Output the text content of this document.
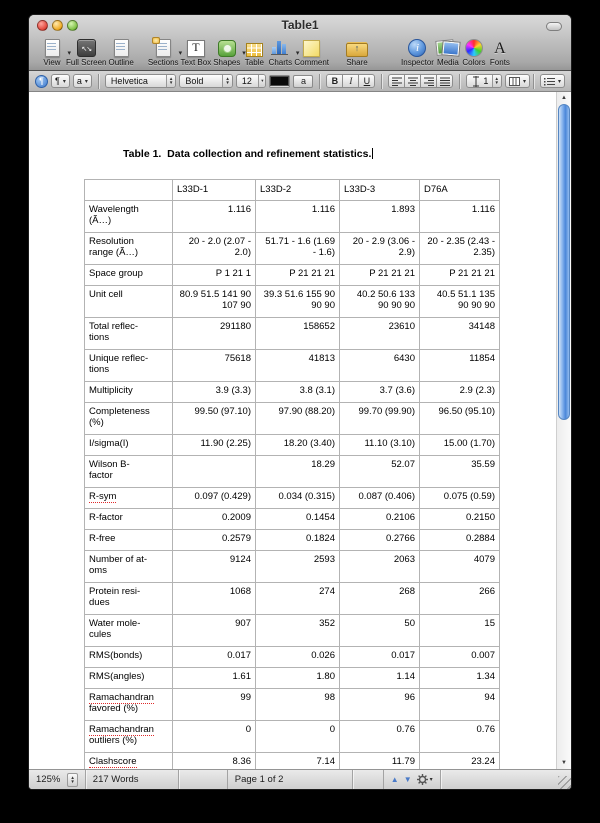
Table1
▾
View
↖↘
Full Screen Outline
▾
Sections
T
Text Box
▾
Shapes Table
▾
Charts Comment
↑
Share
i
Inspector Media Colors
A
Fonts
¶	¶ ▾ a ▾	Helvetica	▲
▼ Bold	▲
▼ 12 ▾	a	B	I	U	1 ▲
▼	▾	▾

Table 1.  Data collection and refinement statistics.

	L33D-1	L33D-2	L33D-3	D76A
Wavelength
(Ã…)	1.116	1.116	1.893	1.116
Resolution
range (Ã…)	20 - 2.0 (2.07 - 2.0)	51.71 - 1.6 (1.69 - 1.6)	20 - 2.9 (3.06 - 2.9)	20 - 2.35 (2.43 - 2.35)
Space group	P 1 21 1	P 21 21 21	P 21 21 21	P 21 21 21
Unit cell	80.9 51.5 141 90 107 90	39.3 51.6 155 90 90 90	40.2 50.6 133 90 90 90	40.5 51.1 135 90 90 90
Total reflec-
tions	291180	158652	23610	34148
Unique reflec-
tions	75618	41813	6430	11854
Multiplicity	3.9 (3.3)	3.8 (3.1)	3.7 (3.6)	2.9 (2.3)
Completeness
(%)	99.50 (97.10)	97.90 (88.20)	99.70 (99.90)	96.50 (95.10)
I/sigma(I)	11.90 (2.25)	18.20 (3.40)	11.10 (3.10)	15.00 (1.70)
Wilson B-
factor		18.29	52.07	35.59
R-sym	0.097 (0.429)	0.034 (0.315)	0.087 (0.406)	0.075 (0.59)
R-factor	0.2009	0.1454	0.2106	0.2150
R-free	0.2579	0.1824	0.2766	0.2884
Number of at-
oms	9124	2593	2063	4079
Protein resi-
dues	1068	274	268	266
Water mole-
cules	907	352	50	15
RMS(bonds)	0.017	0.026	0.017	0.007
RMS(angles)	1.61	1.80	1.14	1.34
Ramachandran
favored (%)	99	98	96	94
Ramachandran
outliers (%)	0	0	0.76	0.76
Clashscore	8.36	7.14	11.79	23.24
▲
▼
125% ▲
▼ 217 Words	Page 1 of 2	▲ ▼	▾
